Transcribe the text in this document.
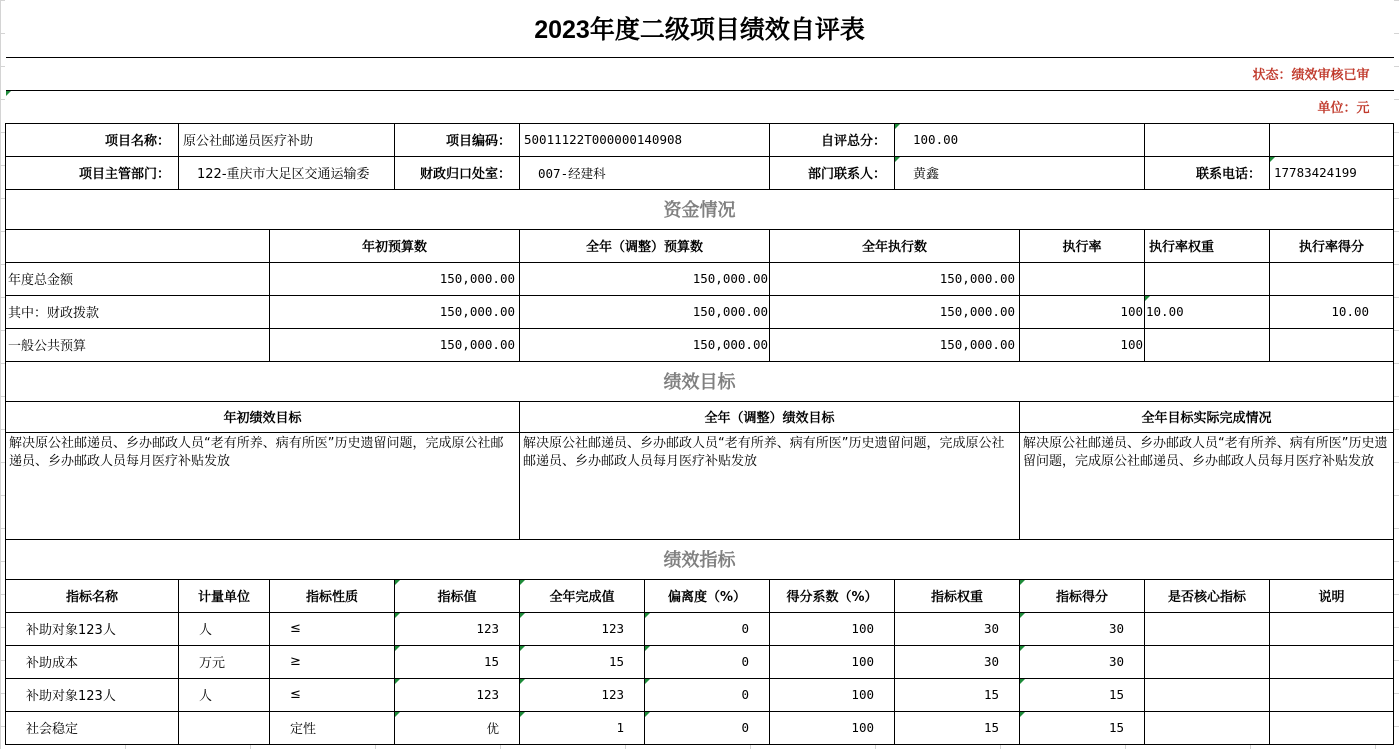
2023年度二级项目绩效自评表										
状态：绩效审核已审										
单位：元										
项目名称：	原公社邮递员医疗补助		项目编码：	50011122T000000140908		自评总分：	100.00			
项目主管部门：	122-重庆市大足区交通运输委		财政归口处室：	007-经建科		部门联系人：	黄鑫		联系电话：	17783424199
资金情况										
		年初预算数		全年（调整）预算数		全年执行数		执行率	执行率权重	执行率得分
年度总金额		150,000.00		150,000.00		150,000.00				
其中：财政拨款		150,000.00		150,000.00		150,000.00		100	10.00	10.00
一般公共预算		150,000.00		150,000.00		150,000.00		100		
绩效目标										
年初绩效目标				全年（调整）绩效目标				全年目标实际完成情况		
解决原公社邮递员、乡办邮政人员“老有所养、病有所医”历史遗留问题，完成原公社邮递员、乡办邮政人员每月医疗补贴发放				解决原公社邮递员、乡办邮政人员“老有所养、病有所医”历史遗留问题，完成原公社邮递员、乡办邮政人员每月医疗补贴发放				解决原公社邮递员、乡办邮政人员“老有所养、病有所医”历史遗留问题，完成原公社邮递员、乡办邮政人员每月医疗补贴发放		
绩效指标										
指标名称	计量单位	指标性质	指标值	全年完成值	偏离度（%）	得分系数（%）	指标权重	指标得分	是否核心指标	说明
补助对象123人	人	≤	123	123	0	100	30	30		
补助成本	万元	≥	15	15	0	100	30	30		
补助对象123人	人	≤	123	123	0	100	15	15		
社会稳定		定性	优	1	0	100	15	15		
